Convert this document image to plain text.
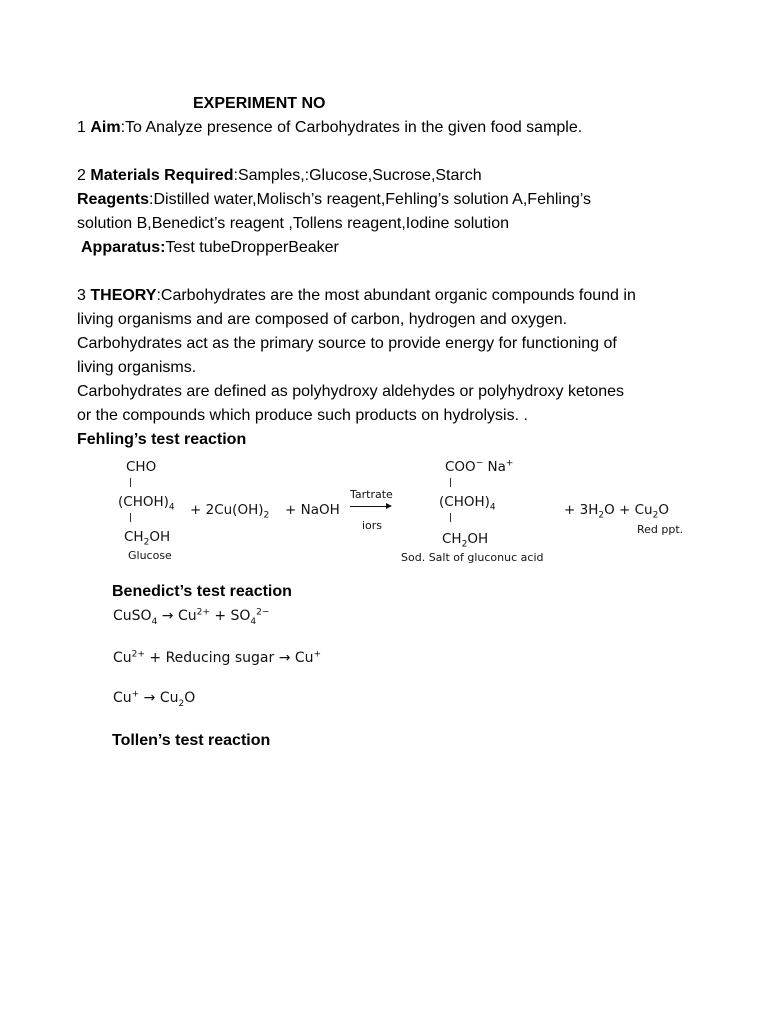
EXPERIMENT NO
1 Aim:To Analyze presence of Carbohydrates in the given food sample.
2 Materials Required:Samples,:Glucose,Sucrose,Starch
Reagents:Distilled water,Molisch’s reagent,Fehling’s solution A,Fehling’s
solution B,Benedict’s reagent ,Tollens reagent,Iodine solution
Apparatus:Test tubeDropperBeaker
3 THEORY:Carbohydrates are the most abundant organic compounds found in
living organisms and are composed of carbon, hydrogen and oxygen.
Carbohydrates act as the primary source to provide energy for functioning of
living organisms.
Carbohydrates are defined as polyhydroxy aldehydes or polyhydroxy ketones
or the compounds which produce such products on hydrolysis. .
Fehling’s test reaction
CHO
$(CHOH)_4$
$CH_2OH$
Glucose
+ $2Cu(OH)_2$ + NaOH
Tartrate
iors
COO− Na+
$(CHOH)_4$
$CH_2OH$
Sod. Salt of gluconuc acid
+ $3H_2O + Cu_2O$
Red ppt.
Benedict’s test reaction
CuSO$_4$ → $Cu^{2+} + SO_4^{2-}$
$Cu^{2+}$ + Reducing sugar → Cu+
$Cu^+ \to Cu_2O$
Tollen’s test reaction
